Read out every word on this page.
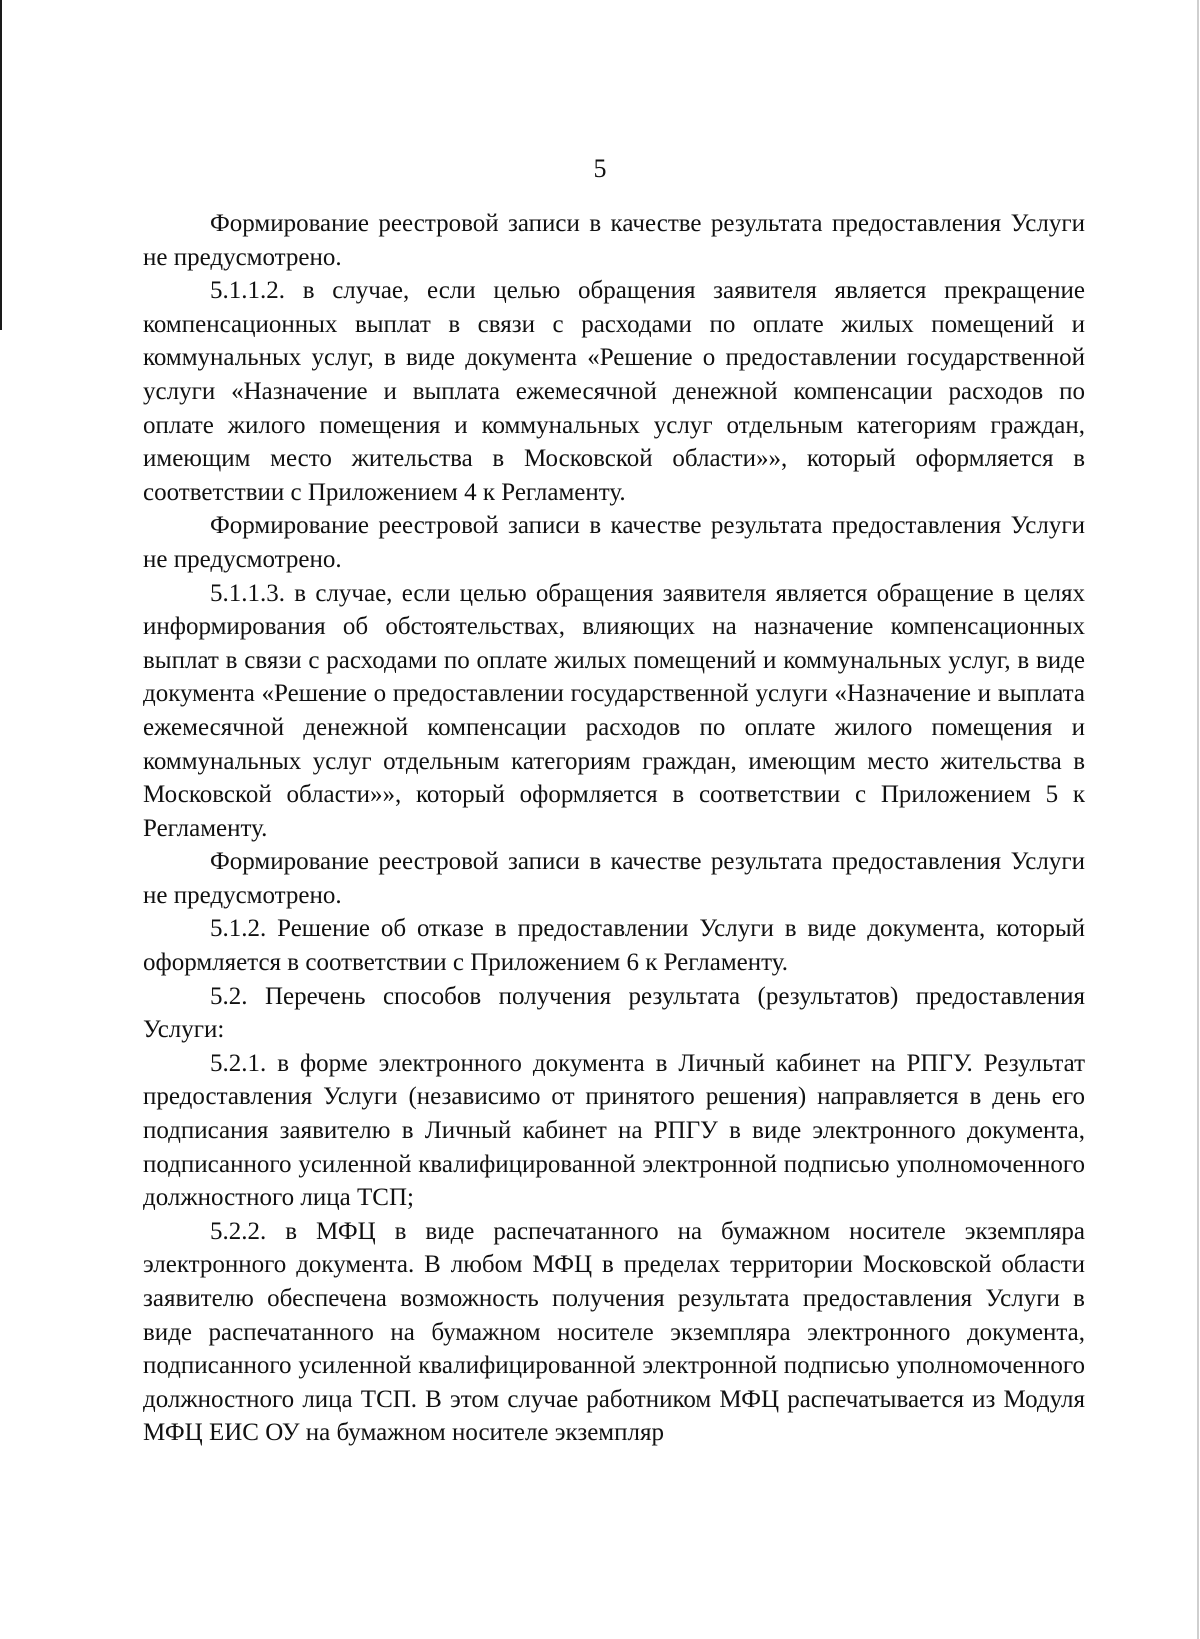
5

Формирование реестровой записи в качестве результата предоставления Услуги не предусмотрено.

5.1.1.2. в случае, если целью обращения заявителя является прекращение компенсационных выплат в связи с расходами по оплате жилых помещений и коммунальных услуг, в виде документа «Решение о предоставлении государственной услуги «Назначение и выплата ежемесячной денежной компенсации расходов по оплате жилого помещения и коммунальных услуг отдельным категориям граждан, имеющим место жительства в Московской области»», который оформляется в соответствии с Приложением 4 к Регламенту.

Формирование реестровой записи в качестве результата предоставления Услуги не предусмотрено.

5.1.1.3. в случае, если целью обращения заявителя является обращение в целях информирования об обстоятельствах, влияющих на назначение компенсационных выплат в связи с расходами по оплате жилых помещений и коммунальных услуг, в виде документа «Решение о предоставлении государственной услуги «Назначение и выплата ежемесячной денежной компенсации расходов по оплате жилого помещения и коммунальных услуг отдельным категориям граждан, имеющим место жительства в Московской области»», который оформляется в соответствии с Приложением 5 к Регламенту.

Формирование реестровой записи в качестве результата предоставления Услуги не предусмотрено.

5.1.2. Решение об отказе в предоставлении Услуги в виде документа, который оформляется в соответствии с Приложением 6 к Регламенту.

5.2. Перечень способов получения результата (результатов) предоставления Услуги:

5.2.1. в форме электронного документа в Личный кабинет на РПГУ. Результат предоставления Услуги (независимо от принятого решения) направляется в день его подписания заявителю в Личный кабинет на РПГУ в виде электронного документа, подписанного усиленной квалифицированной электронной подписью уполномоченного должностного лица ТСП;

5.2.2. в МФЦ в виде распечатанного на бумажном носителе экземпляра электронного документа. В любом МФЦ в пределах территории Московской области заявителю обеспечена возможность получения результата предоставления Услуги в виде распечатанного на бумажном носителе экземпляра электронного документа, подписанного усиленной квалифицированной электронной подписью уполномоченного должностного лица ТСП. В этом случае работником МФЦ распечатывается из Модуля МФЦ ЕИС ОУ на бумажном носителе экземпляр
